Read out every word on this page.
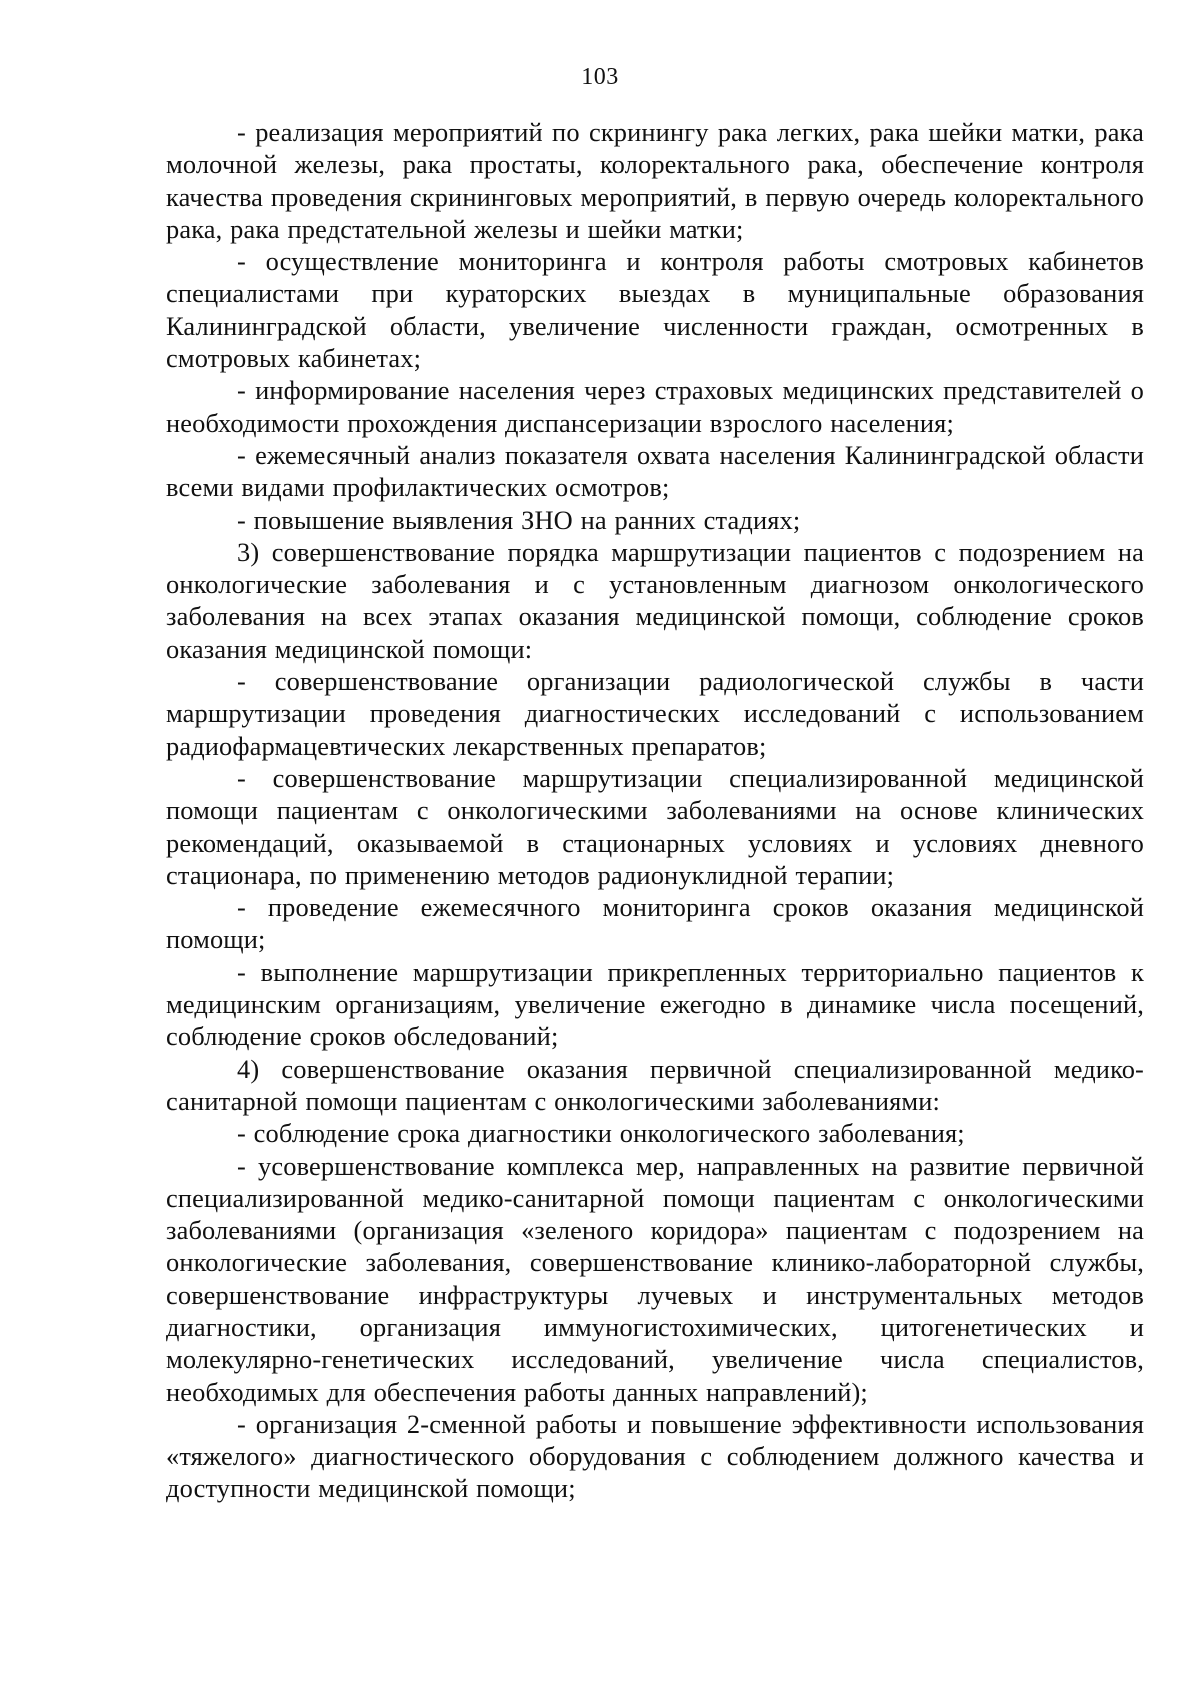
103

- реализация мероприятий по скринингу рака легких, рака шейки матки, рака молочной железы, рака простаты, колоректального рака, обеспечение контроля качества проведения скрининговых мероприятий, в первую очередь колоректального рака, рака предстательной железы и шейки матки;

- осуществление мониторинга и контроля работы смотровых кабинетов специалистами при кураторских выездах в муниципальные образования Калининградской области, увеличение численности граждан, осмотренных в смотровых кабинетах;

- информирование населения через страховых медицинских представителей о необходимости прохождения диспансеризации взрослого населения;

- ежемесячный анализ показателя охвата населения Калининградской области всеми видами профилактических осмотров;

- повышение выявления ЗНО на ранних стадиях;

3) совершенствование порядка маршрутизации пациентов с подозрением на онкологические заболевания и с установленным диагнозом онкологического заболевания на всех этапах оказания медицинской помощи, соблюдение сроков оказания медицинской помощи:

- совершенствование организации радиологической службы в части маршрутизации проведения диагностических исследований с использованием радиофармацевтических лекарственных препаратов;

- совершенствование маршрутизации специализированной медицинской помощи пациентам с онкологическими заболеваниями на основе клинических рекомендаций, оказываемой в стационарных условиях и условиях дневного стационара, по применению методов радионуклидной терапии;

- проведение ежемесячного мониторинга сроков оказания медицинской помощи;

- выполнение маршрутизации прикрепленных территориально пациентов к медицинским организациям, увеличение ежегодно в динамике числа посещений, соблюдение сроков обследований;

4) совершенствование оказания первичной специализированной медико-санитарной помощи пациентам с онкологическими заболеваниями:

- соблюдение срока диагностики онкологического заболевания;

- усовершенствование комплекса мер, направленных на развитие первичной специализированной медико-санитарной помощи пациентам с онкологическими заболеваниями (организация «зеленого коридора» пациентам с подозрением на онкологические заболевания, совершенствование клинико-лабораторной службы, совершенствование инфраструктуры лучевых и инструментальных методов диагностики, организация иммуногистохимических, цитогенетических и молекулярно-генетических исследований, увеличение числа специалистов, необходимых для обеспечения работы данных направлений);

- организация 2-сменной работы и повышение эффективности использования «тяжелого» диагностического оборудования с соблюдением должного качества и доступности медицинской помощи;
